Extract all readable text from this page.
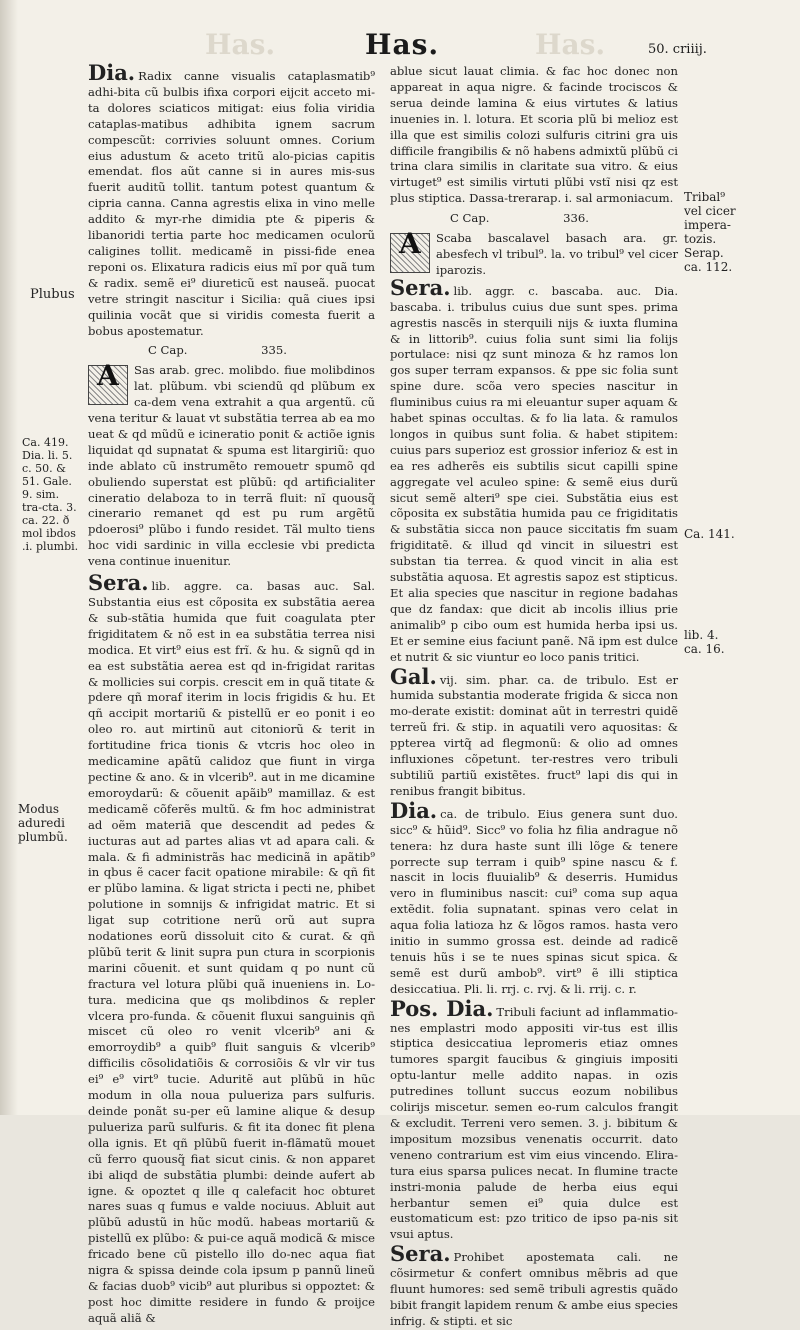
Has.	Has.
Has.	50. criiij.

Dia. Radix canne visualis cataplasmatib⁹ adhi-bita cũ bulbis ifixa corpori eijcit acceto mi-ta dolores sciaticos mitigat: eius folia viridia cataplas-matibus adhibita ignem sacrum compescũt: corrivies soluunt omnes. Corium eius adustum & aceto tritũ alo-picias capitis emendat. flos aũt canne si in aures mis-sus fuerit auditũ tollit. tantum potest quantum & cipria canna. Canna agrestis elixa in vino melle addito & myr-rhe dimidia pte & piperis & libanoridi tertia parte hoc medicamen oculorũ caligines tollit. medicamẽ in pissi-fide enea reponi os. Elixatura radicis eius mĩ por quã tum & radix. semẽ ei⁹ diureticũ est nauseã. puocat vetre stringit nascitur i Sicilia: quã ciues ipsi quilinia vocãt que si viridis comesta fuerit a bobus apostematur.

C Cap.	335.

A Sas arab. grec. molibdo. fiue molibdinos lat. plũbum. vbi sciendũ qd plũbum ex ca-dem vena extrahit a qua argentũ. cũ vena teritur & lauat vt substãtia terrea ab ea mo ueat & qd mũdũ e icineratio ponit & actiõe ignis liquidat qd supnatat & spuma est litargiriũ: quo inde ablato cũ instrumẽto remouetr spumõ qd obuliendo superstat est plũbũ: qd artificialiter cineratio delaboza to in terrã fluit: nĩ quousq̃ cinerario remanet qd est pu rum argẽtũ pdoerosi⁹ plũbo i fundo residet. Tãl multo tiens hoc vidi sardinic in villa ecclesie vbi predicta vena continue inuenitur.

Sera. lib. aggre. ca. basas auc. Sal. Substantia eius est cõposita ex substãtia aerea & sub-stãtia humida que fuit coagulata pter frigiditatem & nõ est in ea substãtia terrea nisi modica. Et virt⁹ eius est frĩ. & hu. & signũ qd in ea est substãtia aerea est qd in-frigidat raritas & mollicies sui corpis. crescit em in quã titate & pdere qñ moraf iterim in locis frigidis & hu. Et qñ accipit mortariũ & pistellũ er eo ponit i eo oleo ro. aut mirtinũ aut citoniorũ & terit in fortitudine frica tionis & vtcris hoc oleo in medicamine apãtũ calidoz que fiunt in virga pectine & ano. & in vlcerib⁹. aut in me dicamine emoroydarũ: & cõuenit apãib⁹ mamillaz. & est medicamẽ cõferẽs multũ. & fm hoc administrat ad oẽm materiã que descendit ad pedes & iucturas aut ad partes alias vt ad apara cali. & mala. & fi administrãs hac medicinã in apãtib⁹ in qbus ẽ cacer facit opatione mirabile: & qñ fit er plũbo lamina. & ligat stricta i pecti ne, phibet polutione in somnijs & infrigidat matric. Et si ligat sup cotritione nerũ orũ aut supra nodationes eorũ dissoluit cito & curat. & qñ plũbũ terit & linit supra pun ctura in scorpionis marini cõuenit. et sunt quidam q po nunt cũ fractura vel lotura plũbi quã inueniens in. Lo-tura. medicina que qs molibdinos & repler vlcera pro-funda. & cõuenit fluxui sanguinis qñ miscet cũ oleo ro venit vlcerib⁹ ani & emorroydib⁹ a quib⁹ fluit sanguis & vlcerib⁹ difficilis cõsolidatiõis & corrosiõis & vlr vir tus ei⁹ e⁹ virt⁹ tucie. Aduritẽ aut plũbũ in hũc modum in olla noua pulueriza pars sulfuris. deinde ponãt su-per eũ lamine alique & desup pulueriza parũ sulfuris. & fit ita donec fit plena olla ignis. Et qñ plũbũ fuerit in-flãmatũ mouet cũ ferro quousq̃ fiat sicut cinis. & non apparet ibi aliqd de substãtia plumbi: deinde aufert ab igne. & opoztet q ille q calefacit hoc obturet nares suas q fumus e valde nociuus. Abluit aut plũbũ adustũ in hũc modũ. habeas mortariũ & pistellũ ex plũbo: & pui-ce aquã modicã & misce fricado bene cũ pistello illo do-nec aqua fiat nigra & spissa deinde cola ipsum p pannũ lineũ & facias duob⁹ vicib⁹ aut pluribus si oppoztet: & post hoc dimitte residere in fundo & proijce aquã aliã &

ablue sicut lauat climia. & fac hoc donec non appareat in aqua nigre. & facinde trociscos & serua deinde lamina & eius virtutes & latius inuenies in. l. lotura. Et scoria plũ bi melioz est illa que est similis colozi sulfuris citrini gra uis difficile frangibilis & nõ habens admixtũ plũbũ ci trina clara similis in claritate sua vitro. & eius virtuget⁹ est similis virtuti plũbi vstĩ nisi qz est plus stiptica. Dassa-trerarap. i. sal armoniacum.

C Cap.	336.

A Scaba bascalavel basach ara. gr. abesfech vl tribul⁹. la. vo tribul⁹ vel cicer iparozis.

Sera. lib. aggr. c. bascaba. auc. Dia. bascaba. i. tribulus cuius due sunt spes. prima agrestis nascẽs in sterquili nijs & iuxta flumina & in littorib⁹. cuius folia sunt simi lia folijs portulace: nisi qz sunt minoza & hz ramos lon gos super terram expansos. & ppe sic folia sunt spine dure. scõa vero species nascitur in fluminibus cuius ra mi eleuantur super aquam & habet spinas occultas. & fo lia lata. & ramulos longos in quibus sunt folia. & habet stipitem: cuius pars superioz est grossior inferioz & est in ea res adherẽs eis subtilis sicut capilli spine aggregate vel aculeo spine: & semẽ eius durũ sicut semẽ alteri⁹ spe ciei. Substãtia eius est cõposita ex substãtia humida pau ce frigiditatis & substãtia sicca non pauce siccitatis fm suam frigiditatẽ. & illud qd vincit in siluestri est substan tia terrea. & quod vincit in alia est substãtia aquosa. Et agrestis sapoz est stipticus. Et alia species que nascitur in regione badahas que dz fandax: que dicit ab incolis illius prie animalib⁹ p cibo oum est humida herba ipsi us. Et er semine eius faciunt panẽ. Nã ipm est dulce et nutrit & sic viuntur eo loco panis tritici.

Gal. vij. sim. phar. ca. de tribulo. Est er humida substantia moderate frigida & sicca non mo-derate existit: dominat aũt in terrestri quidẽ terreũ fri. & stip. in aquatili vero aquositas: & ppterea virtq̃ ad flegmonũ: & olio ad omnes influxiones cõpetunt. ter-restres vero tribuli subtiliũ partiũ existẽtes. fruct⁹ lapi dis qui in renibus frangit bibitus.

Dia. ca. de tribulo. Eius genera sunt duo. sicc⁹ & hũid⁹. Sicc⁹ vo folia hz filia andrague nõ tenera: hz dura haste sunt illi lõge & tenere porrecte sup terram i quib⁹ spine nascu & f. nascit in locis fluuialib⁹ & deserris. Humidus vero in fluminibus nascit: cui⁹ coma sup aqua extẽdit. folia supnatant. spinas vero celat in aqua folia latioza hz & lõgos ramos. hasta vero initio in summo grossa est. deinde ad radicẽ tenuis hũs i se te nues spinas sicut spica. & semẽ est durũ ambob⁹. virt⁹ ẽ illi stiptica desiccatiua. Pli. li. rrj. c. rvj. & li. rrij. c. r.

Pos. Dia. Tribuli faciunt ad inflammatio-nes emplastri modo appositi vir-tus est illis stiptica desiccatiua lepromeris etiaz omnes tumores spargit faucibus & gingiuis impositi optu-lantur melle addito napas. in ozis putredines tollunt succus eozum nobilibus colirijs miscetur. semen eo-rum calculos frangit & excludit. Terreni vero semen. 3. j. bibitum & impositum mozsibus venenatis occurrit. dato veneno contrarium est vim eius vincendo. Elira-tura eius sparsa pulices necat. In flumine tracte instri-monia palude de herba eius equi herbantur semen ei⁹ quia dulce est eustomaticum est: pzo tritico de ipso pa-nis sit vsui aptus.

Sera. Prohibet apostemata cali. ne cõsirmetur & confert omnibus mẽbris ad que fluunt humores: sed semẽ tribuli agrestis quãdo bibit frangit lapidem renum & ambe eius species infrig. & stipti. et sic

Plubus
Ca. 419. Dia. li. 5. c. 50. & 51. Gale. 9. sim. tra-cta. 3. ca. 22. ð mol ibdos .i. plumbi.
Modus aduredi plumbũ.
Tribal⁹ vel cicer impera-tozis. Serap. ca. 112.
Ca. 141.
lib. 4. ca. 16.
